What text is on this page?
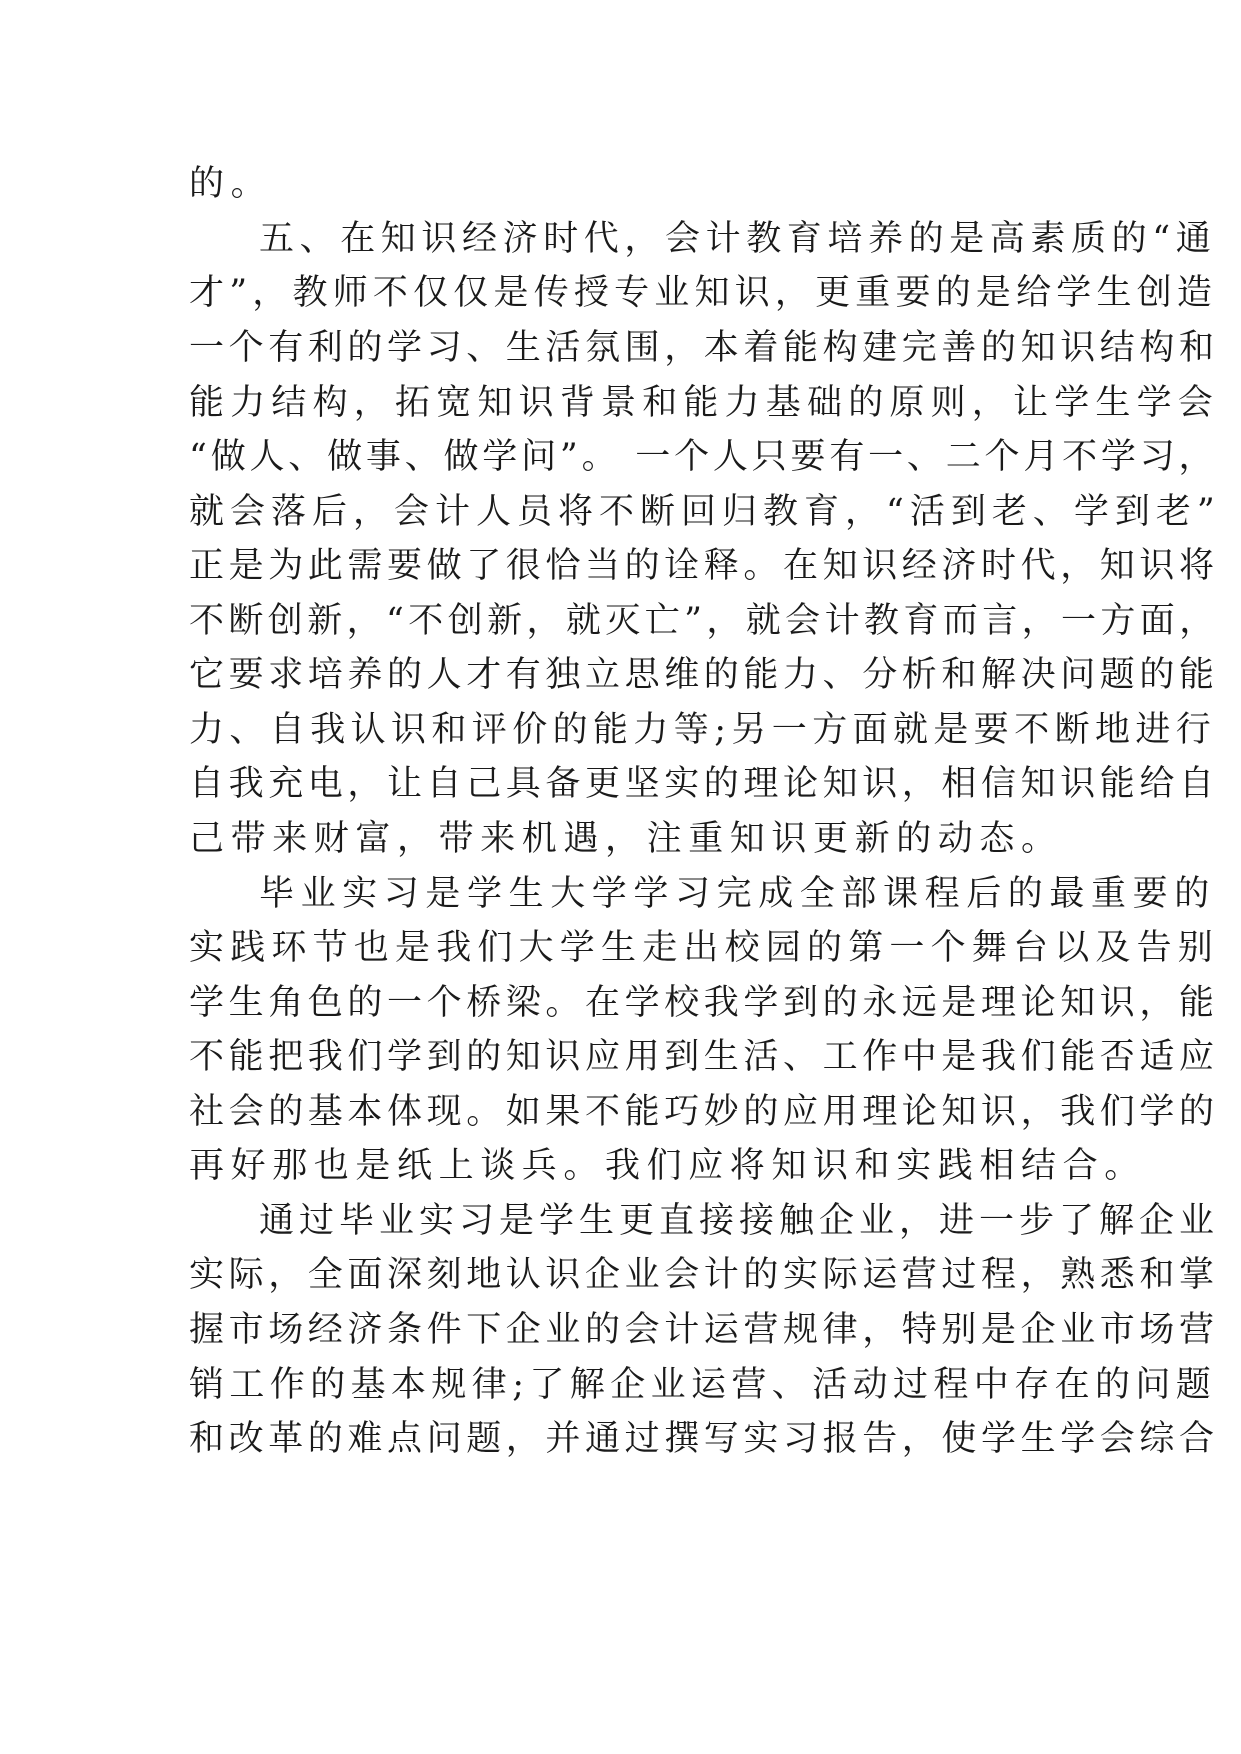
的。
五、在知识经济时代，会计教育培养的是高素质的“通
才”，教师不仅仅是传授专业知识，更重要的是给学生创造
一个有利的学习、生活氛围，本着能构建完善的知识结构和
能力结构，拓宽知识背景和能力基础的原则，让学生学会
“做人、做事、做学问”。 一个人只要有一、二个月不学习，
就会落后，会计人员将不断回归教育，“活到老、学到老”
正是为此需要做了很恰当的诠释。在知识经济时代，知识将
不断创新，“不创新，就灭亡”，就会计教育而言，一方面，
它要求培养的人才有独立思维的能力、分析和解决问题的能
力、自我认识和评价的能力等;另一方面就是要不断地进行
自我充电，让自己具备更坚实的理论知识，相信知识能给自
己带来财富，带来机遇，注重知识更新的动态。
毕业实习是学生大学学习完成全部课程后的最重要的
实践环节也是我们大学生走出校园的第一个舞台以及告别
学生角色的一个桥梁。在学校我学到的永远是理论知识，能
不能把我们学到的知识应用到生活、工作中是我们能否适应
社会的基本体现。如果不能巧妙的应用理论知识，我们学的
再好那也是纸上谈兵。我们应将知识和实践相结合。
通过毕业实习是学生更直接接触企业，进一步了解企业
实际，全面深刻地认识企业会计的实际运营过程，熟悉和掌
握市场经济条件下企业的会计运营规律，特别是企业市场营
销工作的基本规律;了解企业运营、活动过程中存在的问题
和改革的难点问题，并通过撰写实习报告，使学生学会综合
